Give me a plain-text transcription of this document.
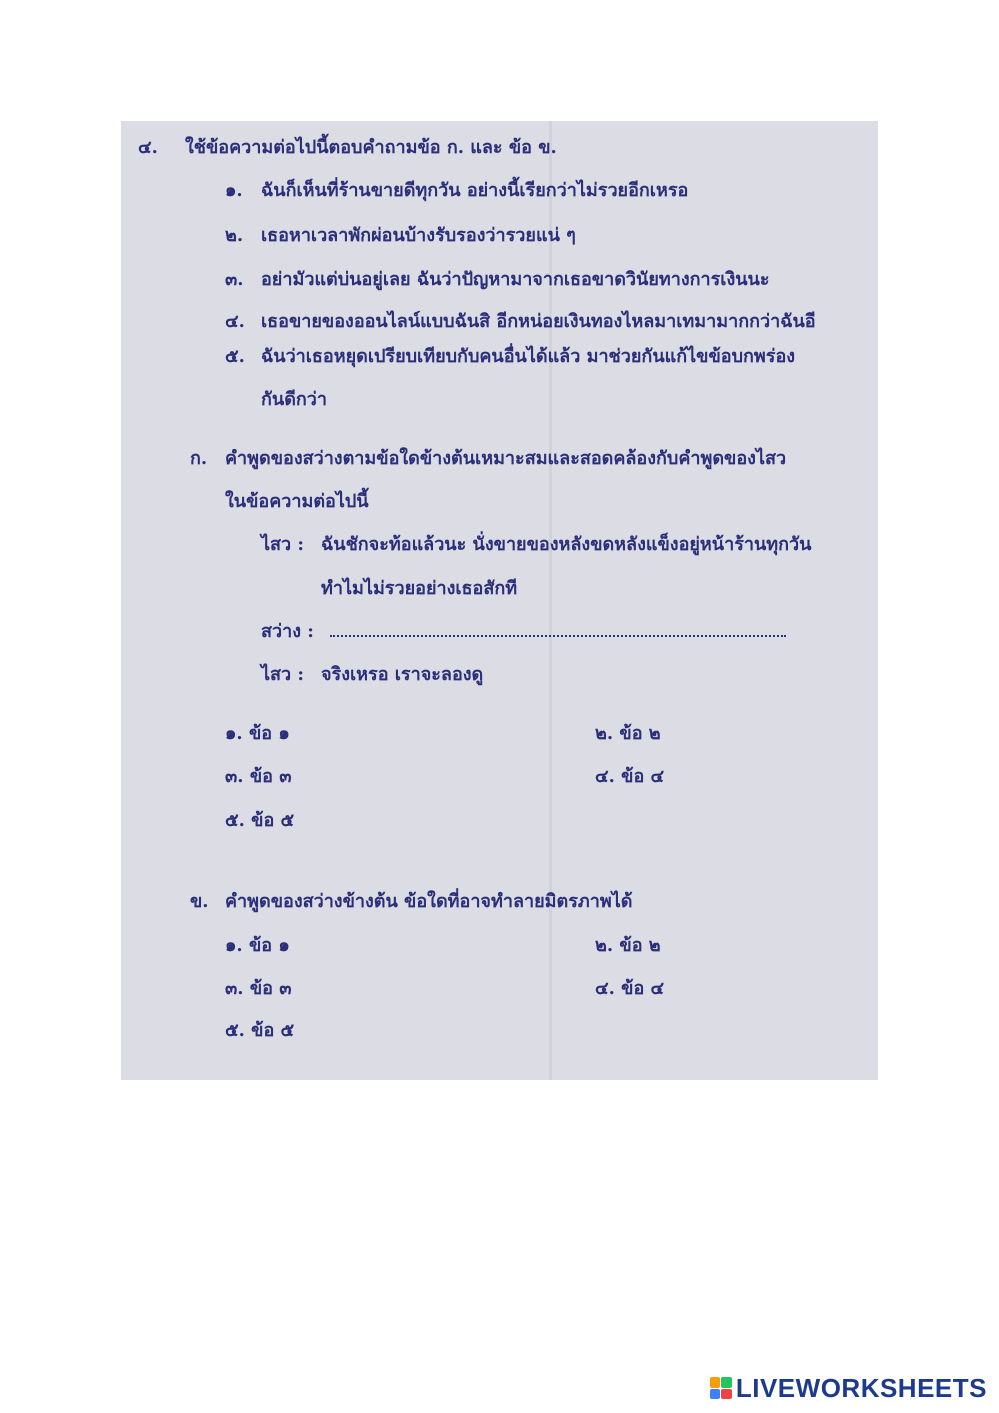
๔. ใช้ข้อความต่อไปนี้ตอบคำถามข้อ ก. และ ข้อ ข.
๑. ฉันก็เห็นที่ร้านขายดีทุกวัน อย่างนี้เรียกว่าไม่รวยอีกเหรอ
๒. เธอหาเวลาพักผ่อนบ้างรับรองว่ารวยแน่ ๆ
๓. อย่ามัวแต่บ่นอยู่เลย ฉันว่าปัญหามาจากเธอขาดวินัยทางการเงินนะ
๔. เธอขายของออนไลน์แบบฉันสิ อีกหน่อยเงินทองไหลมาเทมามากกว่าฉันอี
๕. ฉันว่าเธอหยุดเปรียบเทียบกับคนอื่นได้แล้ว มาช่วยกันแก้ไขข้อบกพร่อง
กันดีกว่า
ก. คำพูดของสว่างตามข้อใดข้างต้นเหมาะสมและสอดคล้องกับคำพูดของไสว
ในข้อความต่อไปนี้
ไสว : ฉันชักจะท้อแล้วนะ นั่งขายของหลังขดหลังแข็งอยู่หน้าร้านทุกวัน
ทำไมไม่รวยอย่างเธอสักที
สว่าง :
ไสว : จริงเหรอ เราจะลองดู
๑. ข้อ ๑	๒. ข้อ ๒
๓. ข้อ ๓	๔. ข้อ ๔
๕. ข้อ ๕
ข. คำพูดของสว่างข้างต้น ข้อใดที่อาจทำลายมิตรภาพได้
๑. ข้อ ๑	๒. ข้อ ๒
๓. ข้อ ๓	๔. ข้อ ๔
๕. ข้อ ๕
LIVEWORKSHEETS
